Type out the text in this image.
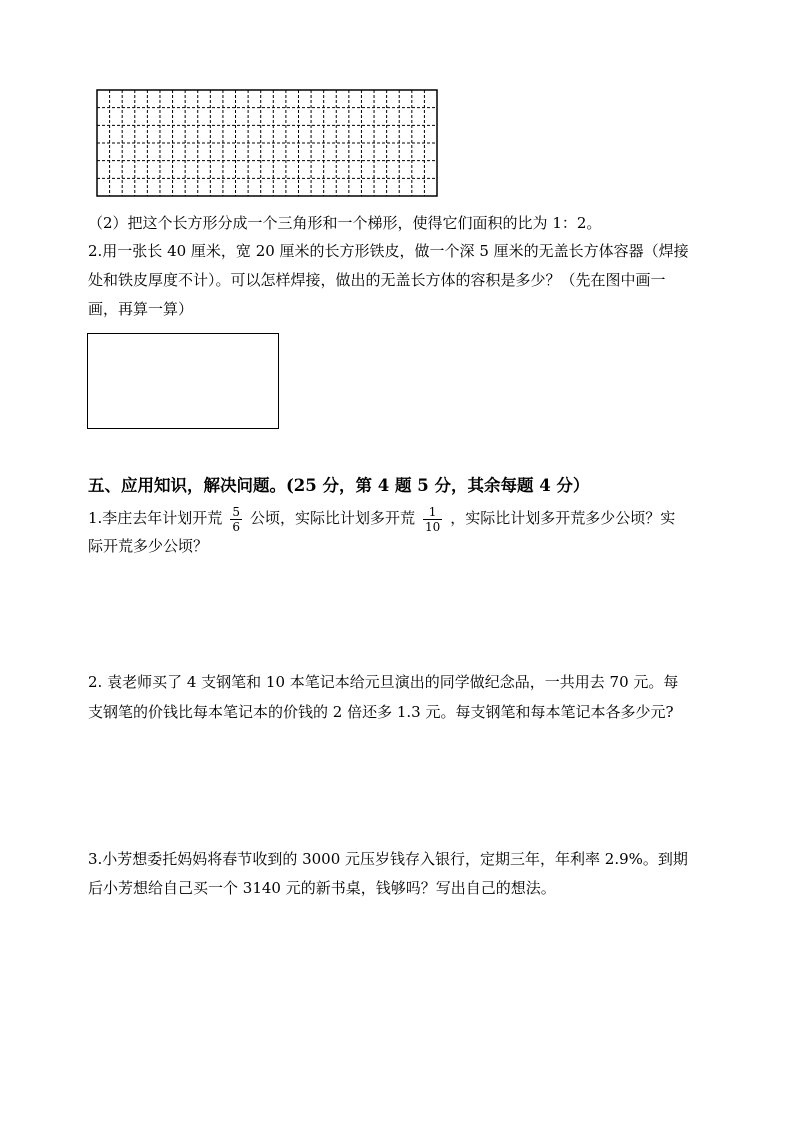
（2）把这个长方形分成一个三角形和一个梯形，使得它们面积的比为 1：2。
2.用一张长 40 厘米，宽 20 厘米的长方形铁皮，做一个深 5 厘米的无盖长方体容器（焊接
处和铁皮厚度不计）。可以怎样焊接，做出的无盖长方体的容积是多少？（先在图中画一
画，再算一算）
五、应用知识，解决问题。(25 分，第 4 题 5 分，其余每题 4 分）
1.李庄去年计划开荒 $\frac{5}{6}$ 公顷，实际比计划多开荒 $\frac{1}{10}$ ，实际比计划多开荒多少公顷？实
际开荒多少公顷？
2. 袁老师买了 4 支钢笔和 10 本笔记本给元旦演出的同学做纪念品，一共用去 70 元。每
支钢笔的价钱比每本笔记本的价钱的 2 倍还多 1.3 元。每支钢笔和每本笔记本各多少元?
3.小芳想委托妈妈将春节收到的 3000 元压岁钱存入银行，定期三年，年利率 2.9%。到期
后小芳想给自己买一个 3140 元的新书桌，钱够吗？写出自己的想法。
